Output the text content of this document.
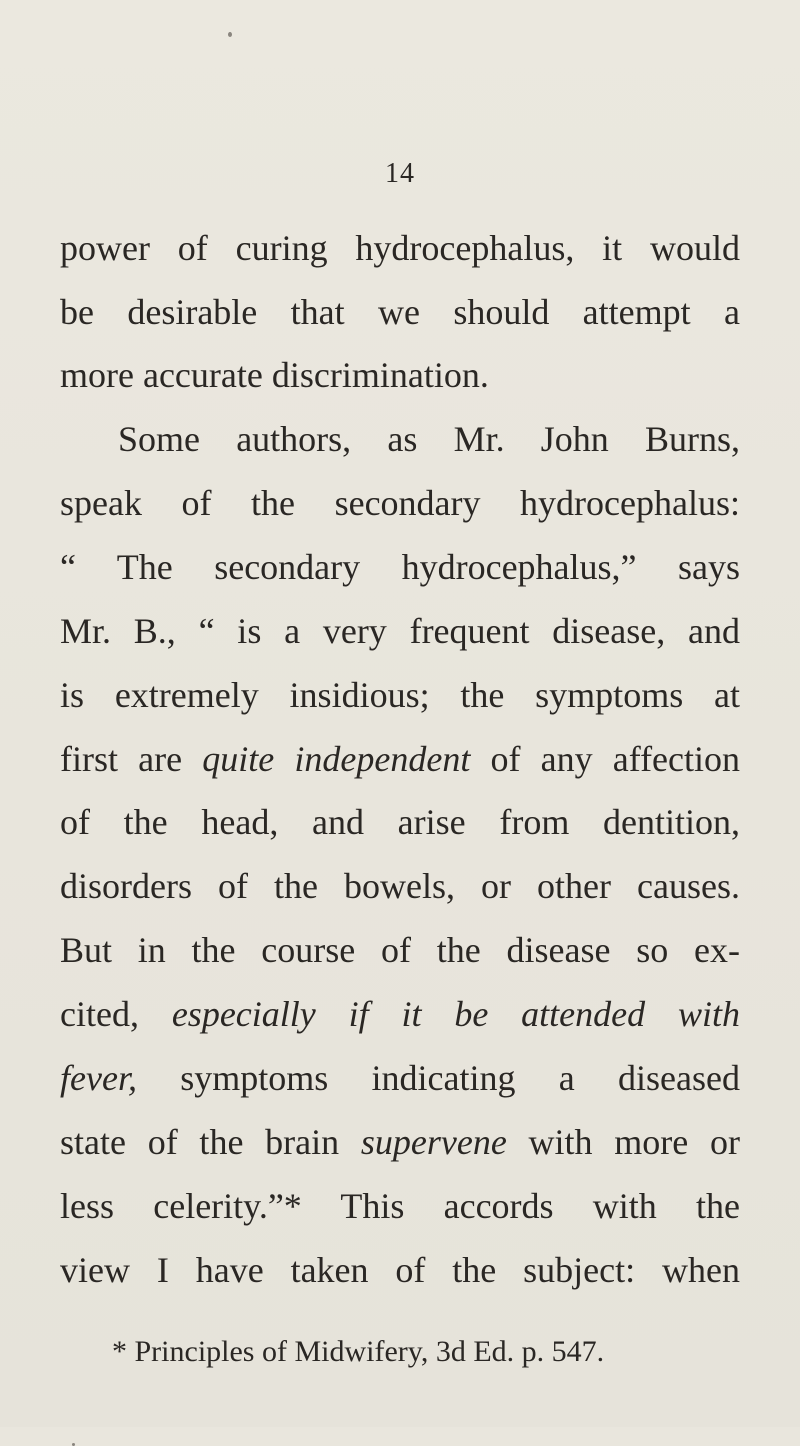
14
power of curing hydrocephalus, it would
be desirable that we should attempt a
more accurate discrimination.
Some authors, as Mr. John Burns,
speak of the secondary hydrocephalus:
“ The secondary hydrocephalus,” says
Mr. B., “ is a very frequent disease, and
is extremely insidious; the symptoms at
first are quite independent of any affection
of the head, and arise from dentition,
disorders of the bowels, or other causes.
But in the course of the disease so ex-
cited, especially if it be attended with
fever, symptoms indicating a diseased
state of the brain supervene with more or
less celerity.”* This accords with the
view I have taken of the subject: when
* Principles of Midwifery, 3d Ed. p. 547.
